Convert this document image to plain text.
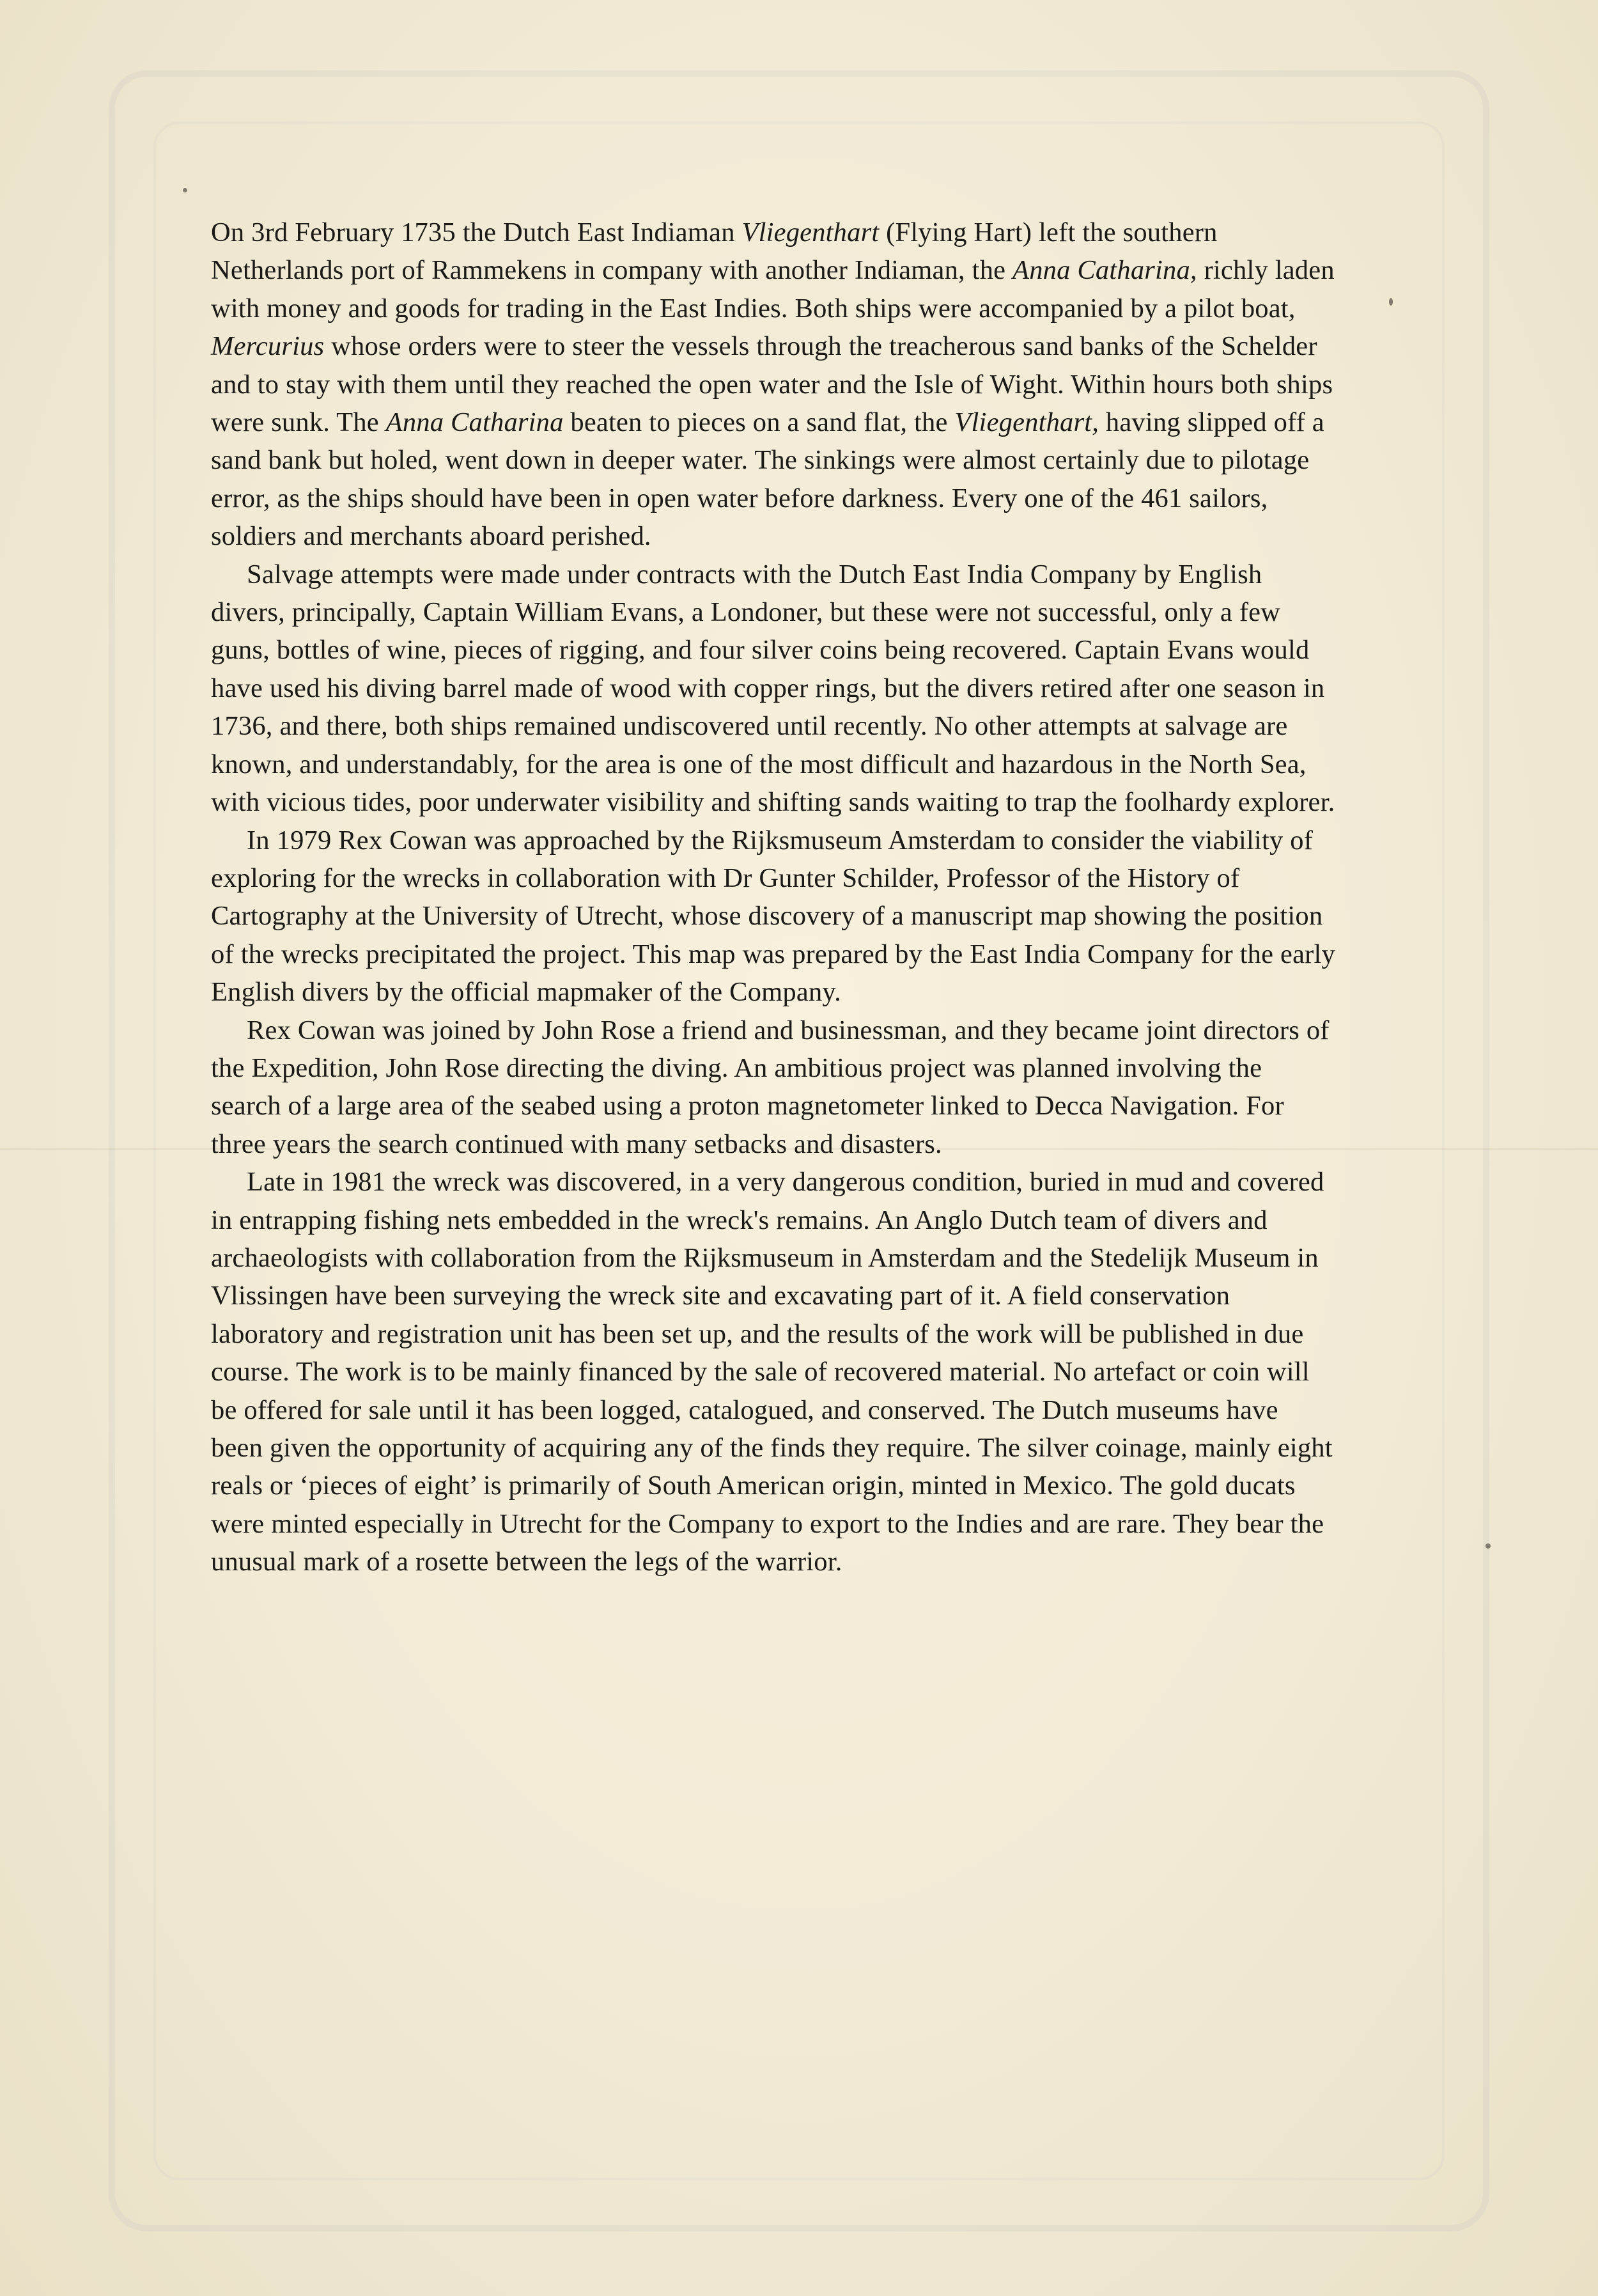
On 3rd February 1735 the Dutch East Indiaman Vliegenthart (Flying Hart) left the southern Netherlands port of Rammekens in company with another Indiaman, the Anna Catharina, richly laden with money and goods for trading in the East Indies. Both ships were accompanied by a pilot boat, Mercurius whose orders were to steer the vessels through the treacherous sand banks of the Schelder and to stay with them until they reached the open water and the Isle of Wight. Within hours both ships were sunk. The Anna Catharina beaten to pieces on a sand flat, the Vliegenthart, having slipped off a sand bank but holed, went down in deeper water. The sinkings were almost certainly due to pilotage error, as the ships should have been in open water before darkness. Every one of the 461 sailors, soldiers and merchants aboard perished.

Salvage attempts were made under contracts with the Dutch East India Company by English divers, principally, Captain William Evans, a Londoner, but these were not successful, only a few guns, bottles of wine, pieces of rigging, and four silver coins being recovered. Captain Evans would have used his diving barrel made of wood with copper rings, but the divers retired after one season in 1736, and there, both ships remained undiscovered until recently. No other attempts at salvage are known, and understandably, for the area is one of the most difficult and hazardous in the North Sea, with vicious tides, poor underwater visibility and shifting sands waiting to trap the foolhardy explorer.

In 1979 Rex Cowan was approached by the Rijksmuseum Amsterdam to consider the viability of exploring for the wrecks in collaboration with Dr Gunter Schilder, Professor of the History of Cartography at the University of Utrecht, whose discovery of a manuscript map showing the position of the wrecks precipitated the project. This map was prepared by the East India Company for the early English divers by the official mapmaker of the Company.

Rex Cowan was joined by John Rose a friend and businessman, and they became joint directors of the Expedition, John Rose directing the diving. An ambitious project was planned involving the search of a large area of the seabed using a proton magnetometer linked to Decca Navigation. For three years the search continued with many setbacks and disasters.

Late in 1981 the wreck was discovered, in a very dangerous condition, buried in mud and covered in entrapping fishing nets embedded in the wreck's remains. An Anglo Dutch team of divers and archaeologists with collaboration from the Rijksmuseum in Amsterdam and the Stedelijk Museum in Vlissingen have been surveying the wreck site and excavating part of it. A field conservation laboratory and registration unit has been set up, and the results of the work will be published in due course. The work is to be mainly financed by the sale of recovered material. No artefact or coin will be offered for sale until it has been logged, catalogued, and conserved. The Dutch museums have been given the opportunity of acquiring any of the finds they require. The silver coinage, mainly eight reals or ‘pieces of eight’ is primarily of South American origin, minted in Mexico. The gold ducats were minted especially in Utrecht for the Company to export to the Indies and are rare. They bear the unusual mark of a rosette between the legs of the warrior.
